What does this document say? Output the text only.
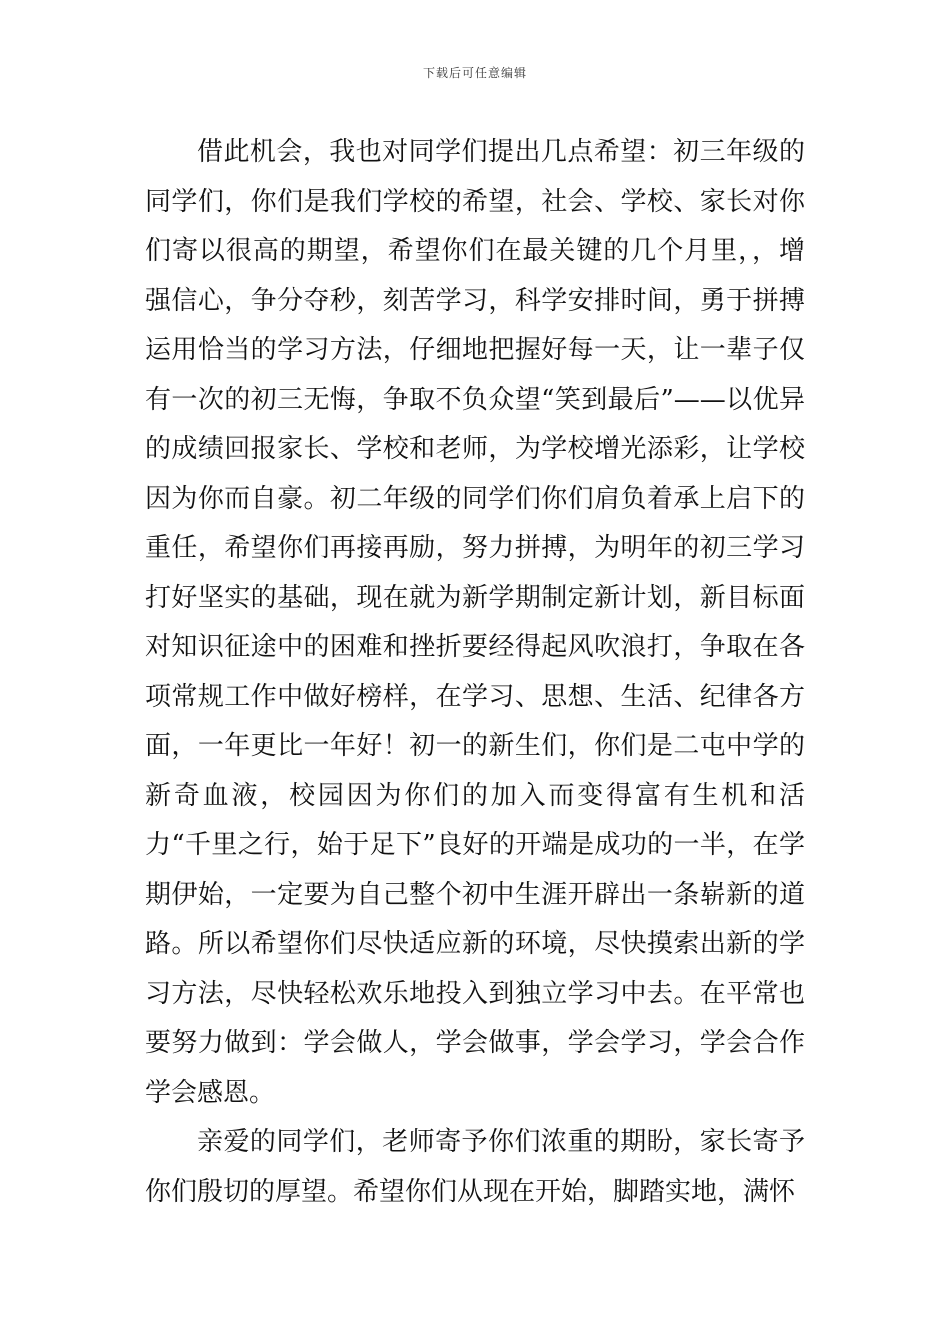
下载后可任意编辑

借此机会，我也对同学们提出几点希望：初三年级的同学们，你们是我们学校的希望，社会、学校、家长对你们寄以很高的期望，希望你们在最关键的几个月里，，增强信心，争分夺秒，刻苦学习，科学安排时间，勇于拼搏运用恰当的学习方法，仔细地把握好每一天，让一辈子仅有一次的初三无悔，争取不负众望“笑到最后”——以优异的成绩回报家长、学校和老师，为学校增光添彩，让学校因为你而自豪。初二年级的同学们你们肩负着承上启下的重任，希望你们再接再励，努力拼搏，为明年的初三学习打好坚实的基础，现在就为新学期制定新计划，新目标面对知识征途中的困难和挫折要经得起风吹浪打，争取在各项常规工作中做好榜样，在学习、思想、生活、纪律各方面，一年更比一年好！初一的新生们，你们是二屯中学的新奇血液，校园因为你们的加入而变得富有生机和活力“千里之行，始于足下”良好的开端是成功的一半，在学期伊始，一定要为自己整个初中生涯开辟出一条崭新的道路。所以希望你们尽快适应新的环境，尽快摸索出新的学习方法，尽快轻松欢乐地投入到独立学习中去。在平常也要努力做到：学会做人，学会做事，学会学习，学会合作学会感恩。

亲爱的同学们，老师寄予你们浓重的期盼，家长寄予你们殷切的厚望。希望你们从现在开始，脚踏实地，满怀
